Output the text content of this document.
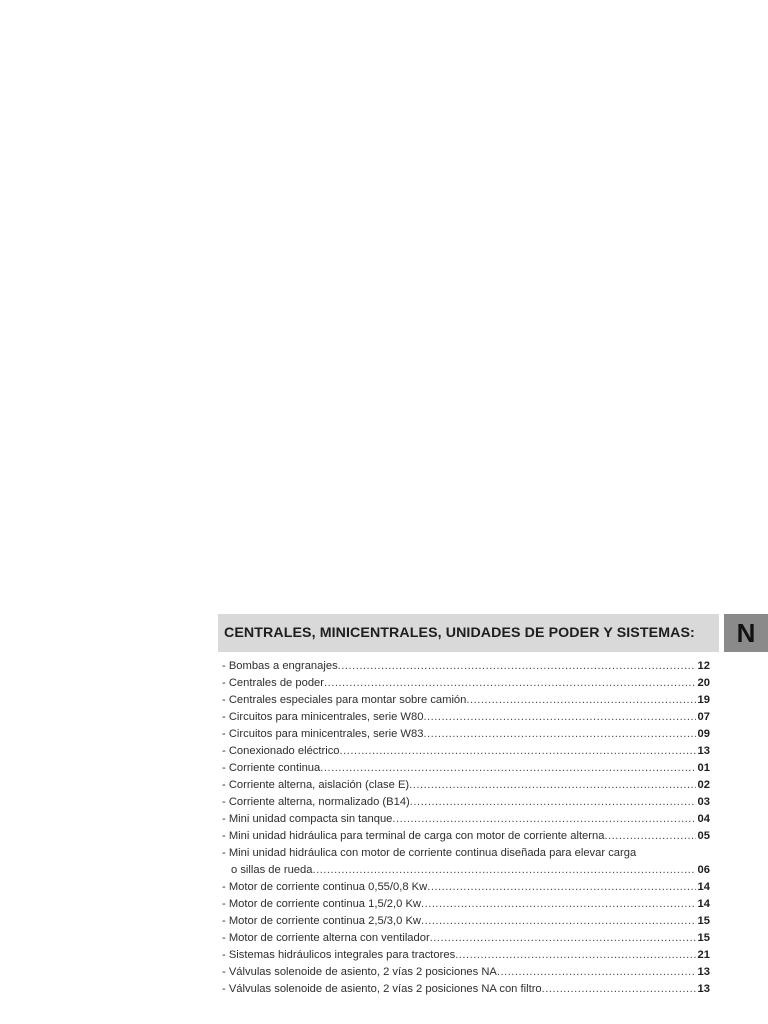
CENTRALES, MINICENTRALES, UNIDADES DE PODER Y SISTEMAS: N
- Bombas a engranajes .....	12
- Centrales de poder .....	20
- Centrales especiales para montar sobre camión .....	19
- Circuitos para minicentrales, serie W80 .....	07
- Circuitos para minicentrales, serie W83 .....	09
- Conexionado eléctrico .....	13
- Corriente continua .....	01
- Corriente alterna, aislación (clase E) .....	02
- Corriente alterna, normalizado (B14) .....	03
- Mini unidad compacta sin tanque .....	04
- Mini unidad hidráulica para terminal de carga con motor de corriente alterna .....	05
- Mini unidad hidráulica con motor de corriente continua diseñada para elevar carga
o sillas de rueda .....	06
- Motor de corriente continua 0,55/0,8 Kw .....	14
- Motor de corriente continua 1,5/2,0 Kw .....	14
- Motor de corriente continua 2,5/3,0 Kw .....	15
- Motor de corriente alterna con ventilador .....	15
- Sistemas hidráulicos integrales para tractores .....	21
- Válvulas solenoide de asiento, 2 vías 2 posiciones NA .....	13
- Válvulas solenoide de asiento, 2 vías 2 posiciones NA con filtro .....	13
